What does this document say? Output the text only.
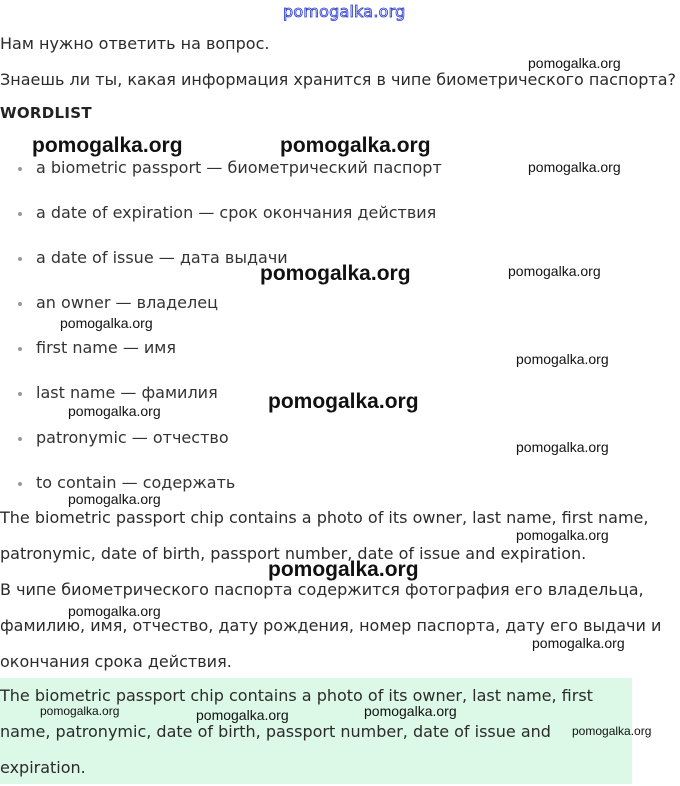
pomogalka.org

Нам нужно ответить на вопрос.

Знаешь ли ты, какая информация хранится в чипе биометрического паспорта?

WORDLIST
a biometric passport — биометрический паспорт
a date of expiration — срок окончания действия
a date of issue — дата выдачи
an owner — владелец
first name — имя
last name — фамилия
patronymic — отчество
to contain — содержать

The biometric passport chip contains a photo of its owner, last name, first name,

patronymic, date of birth, passport number, date of issue and expiration.

В чипе биометрического паспорта содержится фотография его владельца,

фамилию, имя, отчество, дату рождения, номер паспорта, дату его выдачи и

окончания срока действия.

The biometric passport chip contains a photo of its owner, last name, first

name, patronymic, date of birth, passport number, date of issue and

expiration.

pomogalka.org
pomogalka.org	pomogalka.org
pomogalka.org
pomogalka.org	pomogalka.org
pomogalka.org
pomogalka.org
pomogalka.org
pomogalka.org
pomogalka.org
pomogalka.org
pomogalka.org
pomogalka.org
pomogalka.org
pomogalka.org
pomogalka.org	pomogalka.org	pomogalka.org
pomogalka.org
